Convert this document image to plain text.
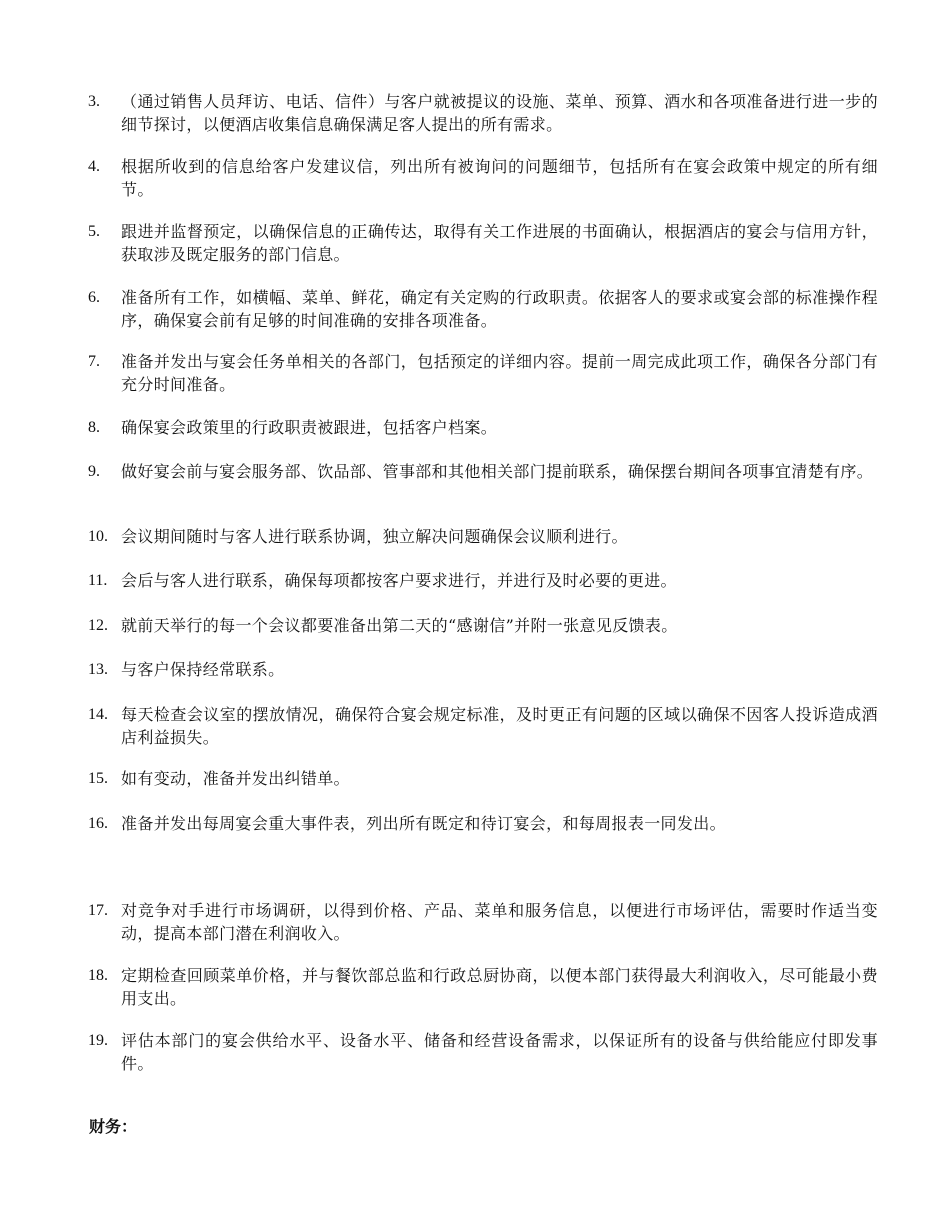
3.	（通过销售人员拜访、电话、信件）与客户就被提议的设施、菜单、预算、酒水和各项准备进行进一步的细节探讨，以便酒店收集信息确保满足客人提出的所有需求。
4.	根据所收到的信息给客户发建议信，列出所有被询问的问题细节，包括所有在宴会政策中规定的所有细节。
5.	跟进并监督预定，以确保信息的正确传达，取得有关工作进展的书面确认，根据酒店的宴会与信用方针，获取涉及既定服务的部门信息。
6.	准备所有工作，如横幅、菜单、鲜花，确定有关定购的行政职责。依据客人的要求或宴会部的标准操作程序，确保宴会前有足够的时间准确的安排各项准备。
7.	准备并发出与宴会任务单相关的各部门，包括预定的详细内容。提前一周完成此项工作，确保各分部门有充分时间准备。
8.	确保宴会政策里的行政职责被跟进，包括客户档案。
9.	做好宴会前与宴会服务部、饮品部、管事部和其他相关部门提前联系，确保摆台期间各项事宜清楚有序。
10. 会议期间随时与客人进行联系协调，独立解决问题确保会议顺利进行。
11. 会后与客人进行联系，确保每项都按客户要求进行，并进行及时必要的更进。
12. 就前天举行的每一个会议都要准备出第二天的“感谢信”并附一张意见反馈表。
13. 与客户保持经常联系。
14. 每天检查会议室的摆放情况，确保符合宴会规定标准，及时更正有问题的区域以确保不因客人投诉造成酒店利益损失。
15. 如有变动，准备并发出纠错单。
16. 准备并发出每周宴会重大事件表，列出所有既定和待订宴会，和每周报表一同发出。
17. 对竞争对手进行市场调研，以得到价格、产品、菜单和服务信息，以便进行市场评估，需要时作适当变动，提高本部门潜在利润收入。
18. 定期检查回顾菜单价格，并与餐饮部总监和行政总厨协商，以便本部门获得最大利润收入，尽可能最小费用支出。
19. 评估本部门的宴会供给水平、设备水平、储备和经营设备需求，以保证所有的设备与供给能应付即发事件。
财务：
